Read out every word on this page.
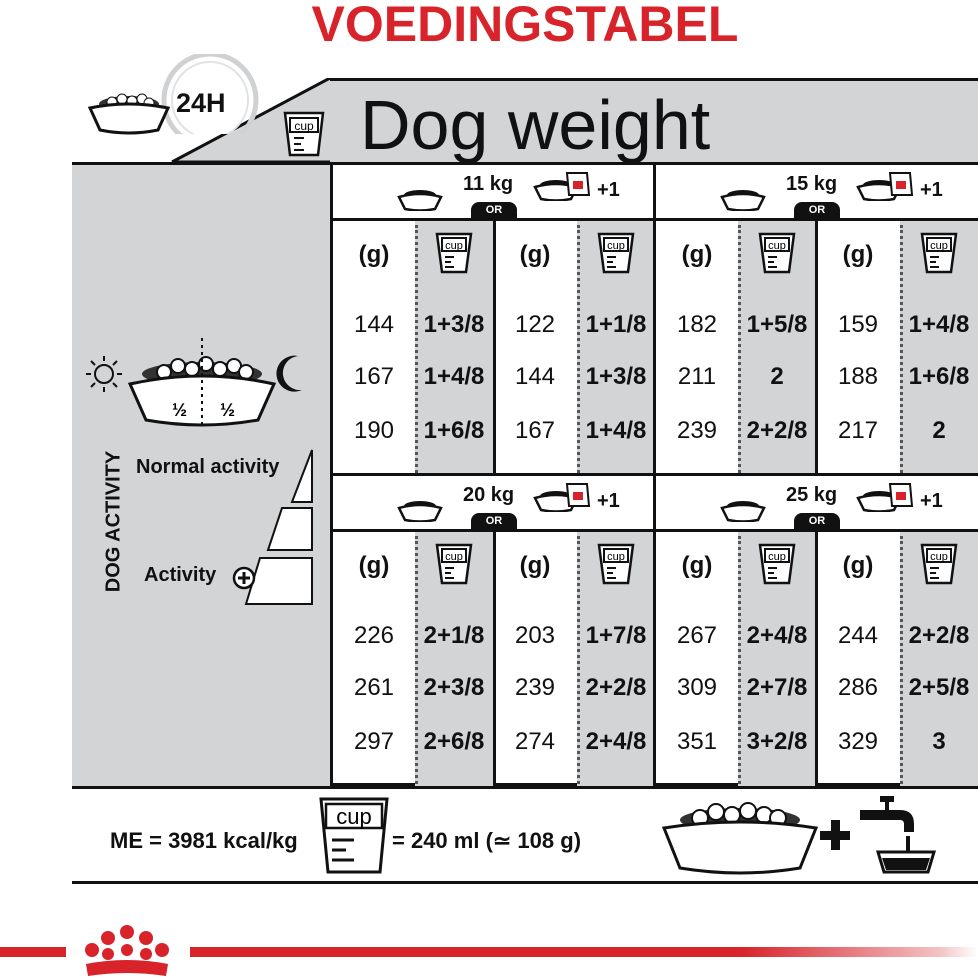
VOEDINGSTABEL
24H
cup Dog weight
½ ½
DOG ACTIVITY Normal activity
Activity
11 kg
OR
+1
(g)
144
167
190
cup
1+3/8
1+4/8
1+6/8
(g)
122
144
167
cup
1+1/8
1+3/8
1+4/8
15 kg
OR
+1
(g)
182
211
239
cup
1+5/8
2
2+2/8
(g)
159
188
217
cup
1+4/8
1+6/8
2
20 kg
OR
+1
(g)
226
261
297
cup
2+1/8
2+3/8
2+6/8
(g)
203
239
274
cup
1+7/8
2+2/8
2+4/8
25 kg
OR
+1
(g)
267
309
351
cup
2+4/8
2+7/8
3+2/8
(g)
244
286
329
cup
2+2/8
2+5/8
3
ME = 3981 kcal/kg
cup
= 240 ml (≃ 108 g)
